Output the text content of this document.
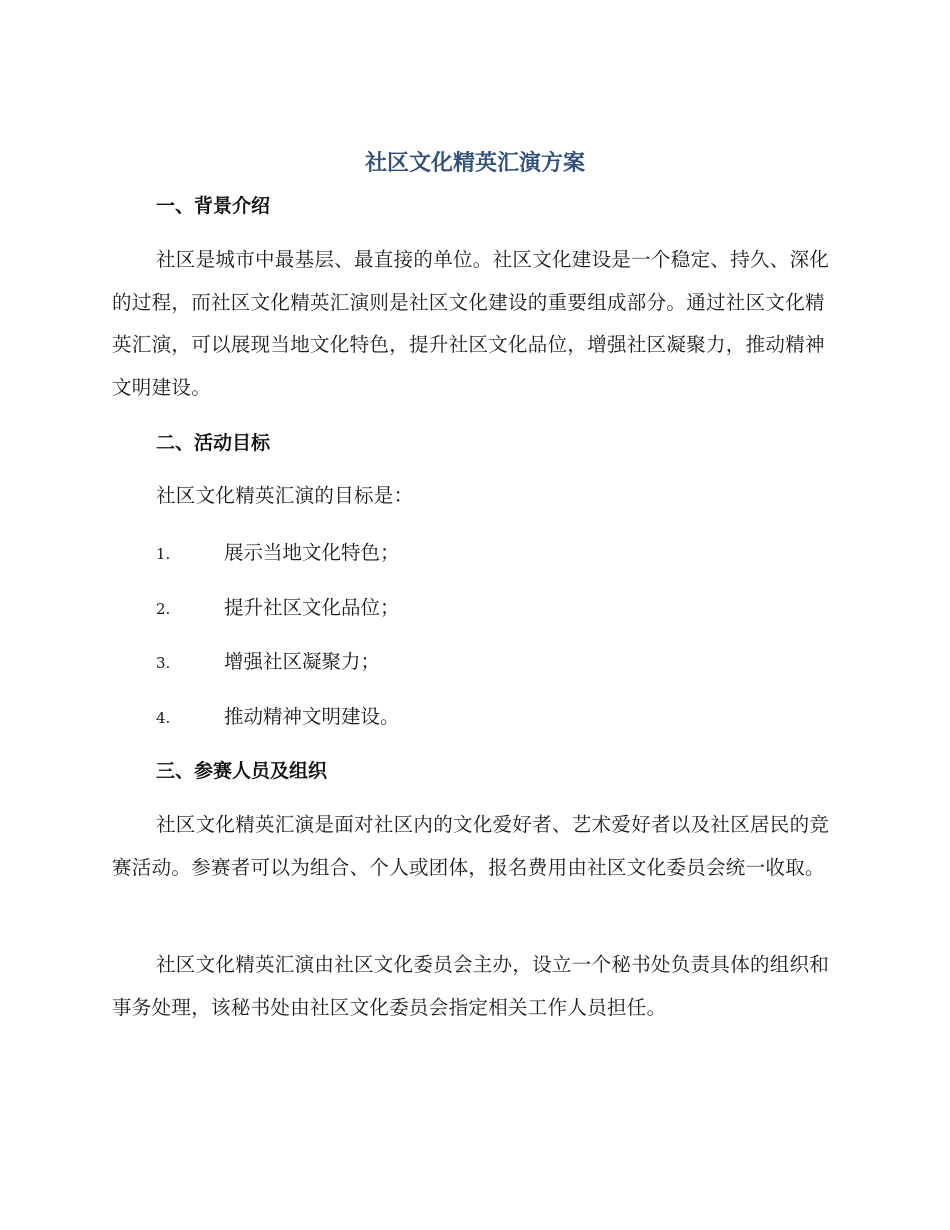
社区文化精英汇演方案
一、背景介绍
社区是城市中最基层、最直接的单位。社区文化建设是一个稳定、持久、深化的过程，而社区文化精英汇演则是社区文化建设的重要组成部分。通过社区文化精英汇演，可以展现当地文化特色，提升社区文化品位，增强社区凝聚力，推动精神文明建设。
二、活动目标
社区文化精英汇演的目标是：
1.	展示当地文化特色；
2.	提升社区文化品位；
3.	增强社区凝聚力；
4.	推动精神文明建设。
三、参赛人员及组织
社区文化精英汇演是面对社区内的文化爱好者、艺术爱好者以及社区居民的竞赛活动。参赛者可以为组合、个人或团体，报名费用由社区文化委员会统一收取。
社区文化精英汇演由社区文化委员会主办，设立一个秘书处负责具体的组织和事务处理，该秘书处由社区文化委员会指定相关工作人员担任。
